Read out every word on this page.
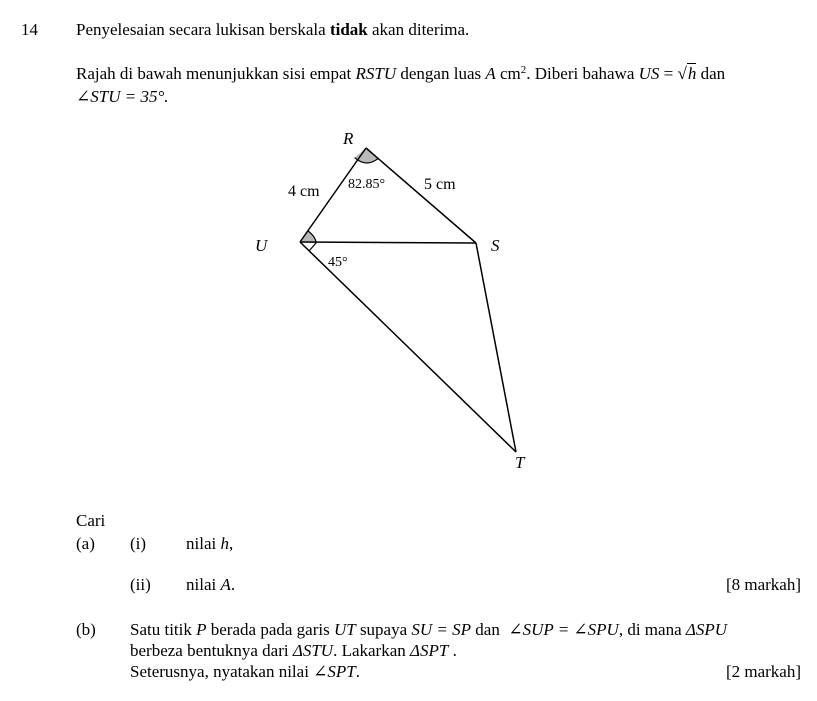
14 Penyelesaian secara lukisan berskala tidak akan diterima.
Rajah di bawah menunjukkan sisi empat RSTU dengan luas A $cm^2$. Diberi bahawa US = √h dan
∠STU = 35°.
R
S
T
U
4 cm	5 cm
82.85°
45°
Cari
(a) (i) nilai h,
(ii) nilai A.	[8 markah]
(b) Satu titik P berada pada garis UT supaya SU = SP dan  ∠SUP = ∠SPU, di mana ΔSPU
berbeza bentuknya dari ΔSTU. Lakarkan ΔSPT .
Seterusnya, nyatakan nilai ∠SPT.	[2 markah]
